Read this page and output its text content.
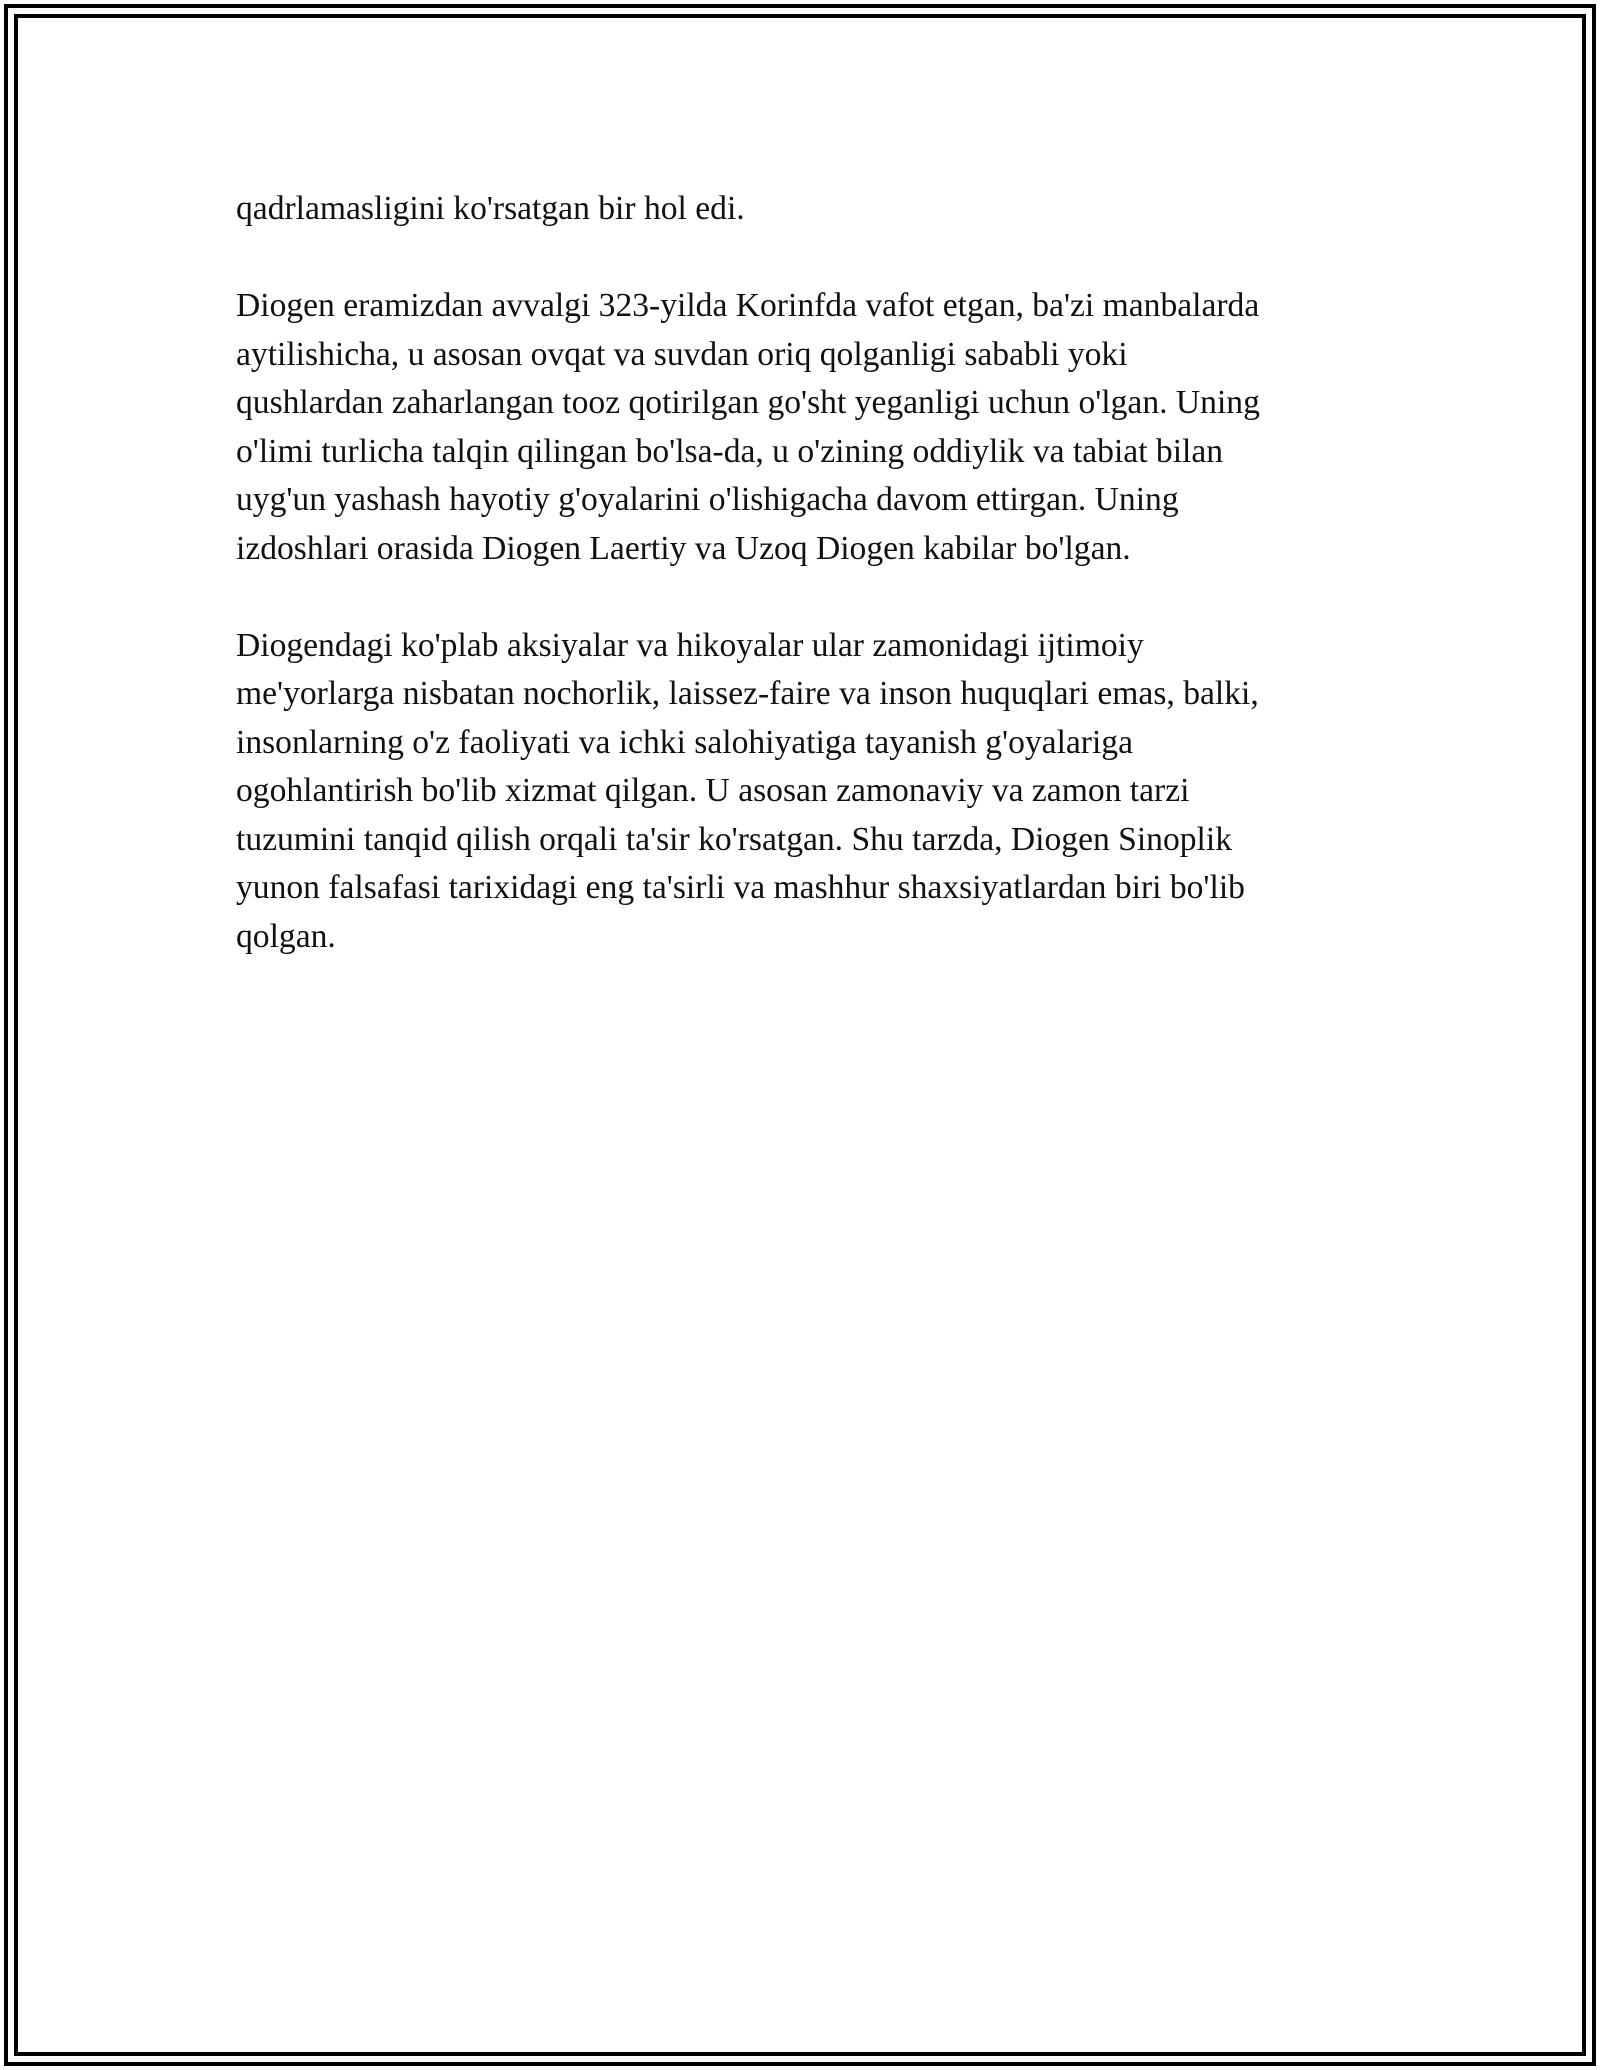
qadrlamasligini ko'rsatgan bir hol edi.

Diogen eramizdan avvalgi 323-yilda Korinfda vafot etgan, ba'zi manbalarda
aytilishicha, u asosan ovqat va suvdan oriq qolganligi sababli yoki
qushlardan zaharlangan tooz qotirilgan go'sht yeganligi uchun o'lgan. Uning
o'limi turlicha talqin qilingan bo'lsa-da, u o'zining oddiylik va tabiat bilan
uyg'un yashash hayotiy g'oyalarini o'lishigacha davom ettirgan. Uning
izdoshlari orasida Diogen Laertiy va Uzoq Diogen kabilar bo'lgan.

Diogendagi ko'plab aksiyalar va hikoyalar ular zamonidagi ijtimoiy
me'yorlarga nisbatan nochorlik, laissez-faire va inson huquqlari emas, balki,
insonlarning o'z faoliyati va ichki salohiyatiga tayanish g'oyalariga
ogohlantirish bo'lib xizmat qilgan. U asosan zamonaviy va zamon tarzi
tuzumini tanqid qilish orqali ta'sir ko'rsatgan. Shu tarzda, Diogen Sinoplik
yunon falsafasi tarixidagi eng ta'sirli va mashhur shaxsiyatlardan biri bo'lib
qolgan.
